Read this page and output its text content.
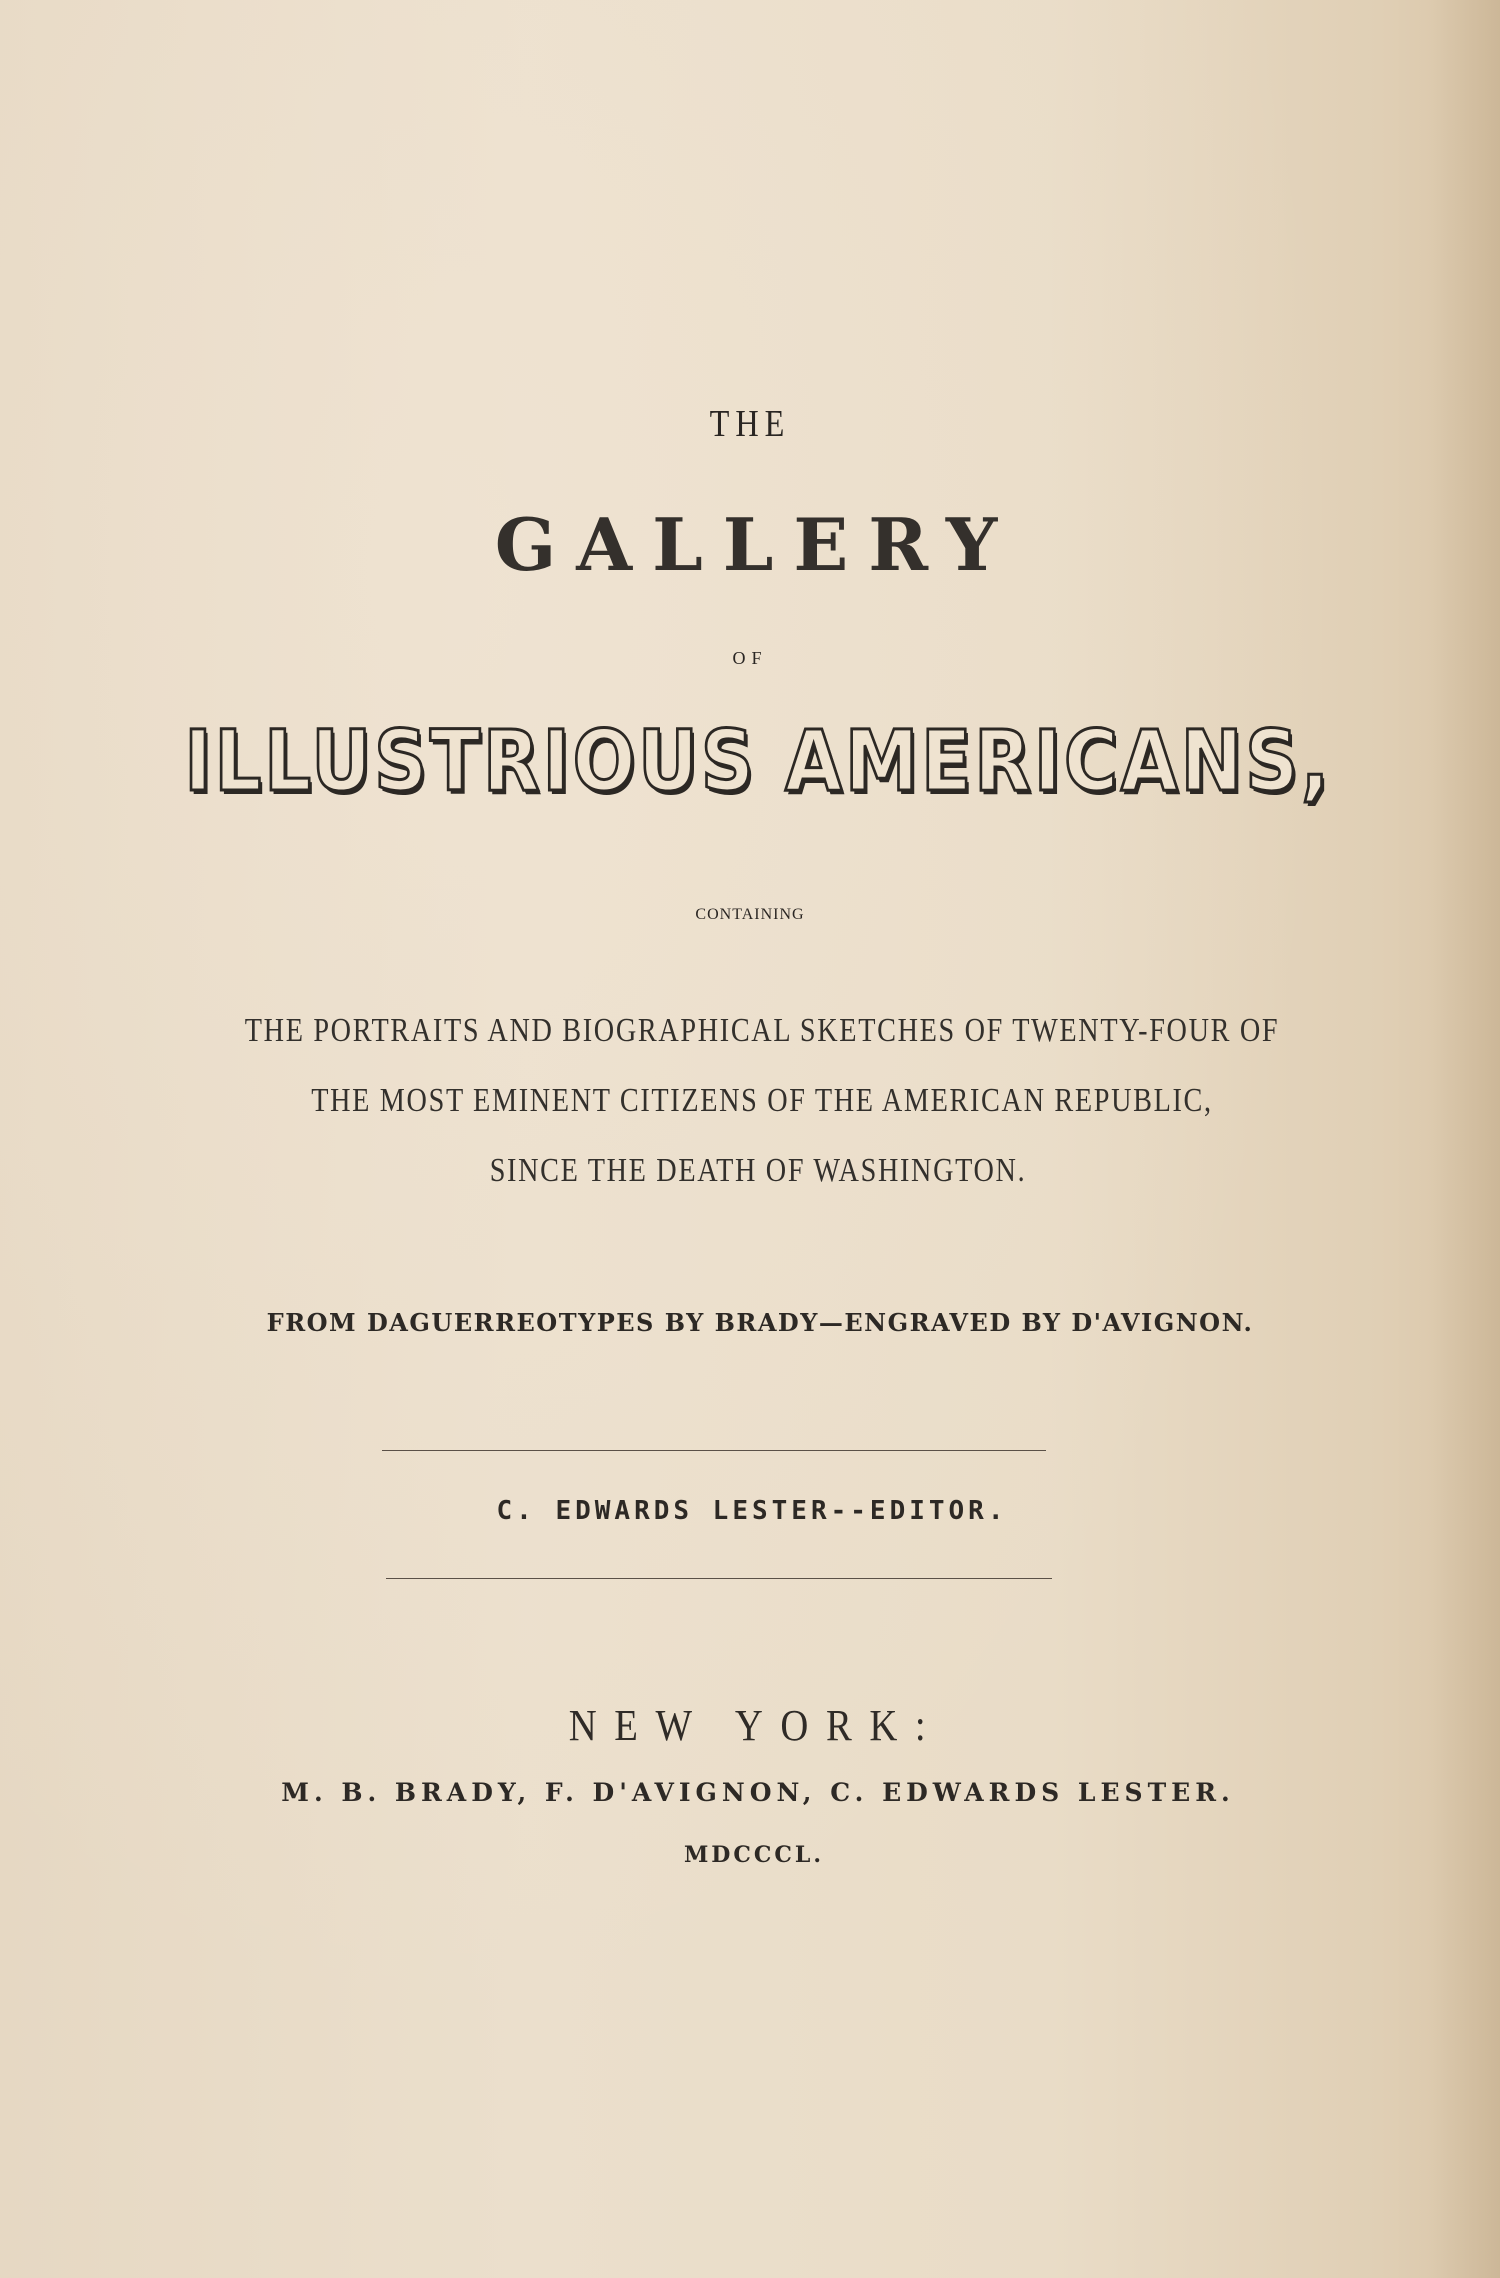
THE
GALLERY
OF
ILLUSTRIOUS AMERICANS,
CONTAINING
THE PORTRAITS AND BIOGRAPHICAL SKETCHES OF TWENTY-FOUR OF
THE MOST EMINENT CITIZENS OF THE AMERICAN REPUBLIC,
SINCE THE DEATH OF WASHINGTON.
FROM DAGUERREOTYPES BY BRADY—ENGRAVED BY D'AVIGNON.
C. EDWARDS LESTER--EDITOR.
NEW YORK:
M. B. BRADY, F. D'AVIGNON, C. EDWARDS LESTER.
MDCCCL.
